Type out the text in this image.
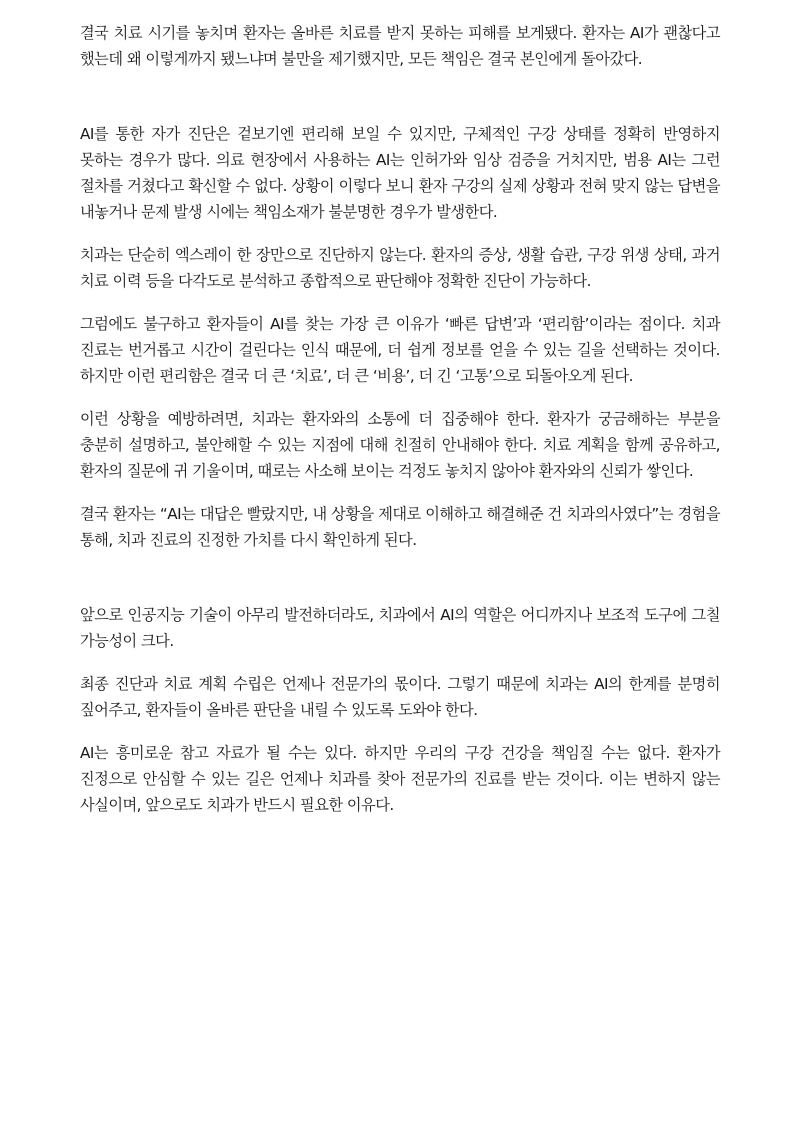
결국 치료 시기를 놓치며 환자는 올바른 치료를 받지 못하는 피해를 보게됐다. 환자는 AI가 괜찮다고 했는데 왜 이렇게까지 됐느냐며 불만을 제기했지만, 모든 책임은 결국 본인에게 돌아갔다.

AI를 통한 자가 진단은 겉보기엔 편리해 보일 수 있지만, 구체적인 구강 상태를 정확히 반영하지 못하는 경우가 많다. 의료 현장에서 사용하는 AI는 인허가와 임상 검증을 거치지만, 범용 AI는 그런 절차를 거쳤다고 확신할 수 없다. 상황이 이렇다 보니 환자 구강의 실제 상황과 전혀 맞지 않는 답변을 내놓거나 문제 발생 시에는 책임소재가 불분명한 경우가 발생한다.

치과는 단순히 엑스레이 한 장만으로 진단하지 않는다. 환자의 증상, 생활 습관, 구강 위생 상태, 과거 치료 이력 등을 다각도로 분석하고 종합적으로 판단해야 정확한 진단이 가능하다.

그럼에도 불구하고 환자들이 AI를 찾는 가장 큰 이유가 ‘빠른 답변’과 ‘편리함’이라는 점이다. 치과 진료는 번거롭고 시간이 걸린다는 인식 때문에, 더 쉽게 정보를 얻을 수 있는 길을 선택하는 것이다. 하지만 이런 편리함은 결국 더 큰 ‘치료’, 더 큰 ‘비용’, 더 긴 ‘고통’으로 되돌아오게 된다.

이런 상황을 예방하려면, 치과는 환자와의 소통에 더 집중해야 한다. 환자가 궁금해하는 부분을 충분히 설명하고, 불안해할 수 있는 지점에 대해 친절히 안내해야 한다. 치료 계획을 함께 공유하고, 환자의 질문에 귀 기울이며, 때로는 사소해 보이는 걱정도 놓치지 않아야 환자와의 신뢰가 쌓인다.

결국 환자는 “AI는 대답은 빨랐지만, 내 상황을 제대로 이해하고 해결해준 건 치과의사였다”는 경험을 통해, 치과 진료의 진정한 가치를 다시 확인하게 된다.

앞으로 인공지능 기술이 아무리 발전하더라도, 치과에서 AI의 역할은 어디까지나 보조적 도구에 그칠 가능성이 크다.

최종 진단과 치료 계획 수립은 언제나 전문가의 몫이다. 그렇기 때문에 치과는 AI의 한계를 분명히 짚어주고, 환자들이 올바른 판단을 내릴 수 있도록 도와야 한다.

AI는 흥미로운 참고 자료가 될 수는 있다. 하지만 우리의 구강 건강을 책임질 수는 없다. 환자가 진정으로 안심할 수 있는 길은 언제나 치과를 찾아 전문가의 진료를 받는 것이다. 이는 변하지 않는 사실이며, 앞으로도 치과가 반드시 필요한 이유다.
